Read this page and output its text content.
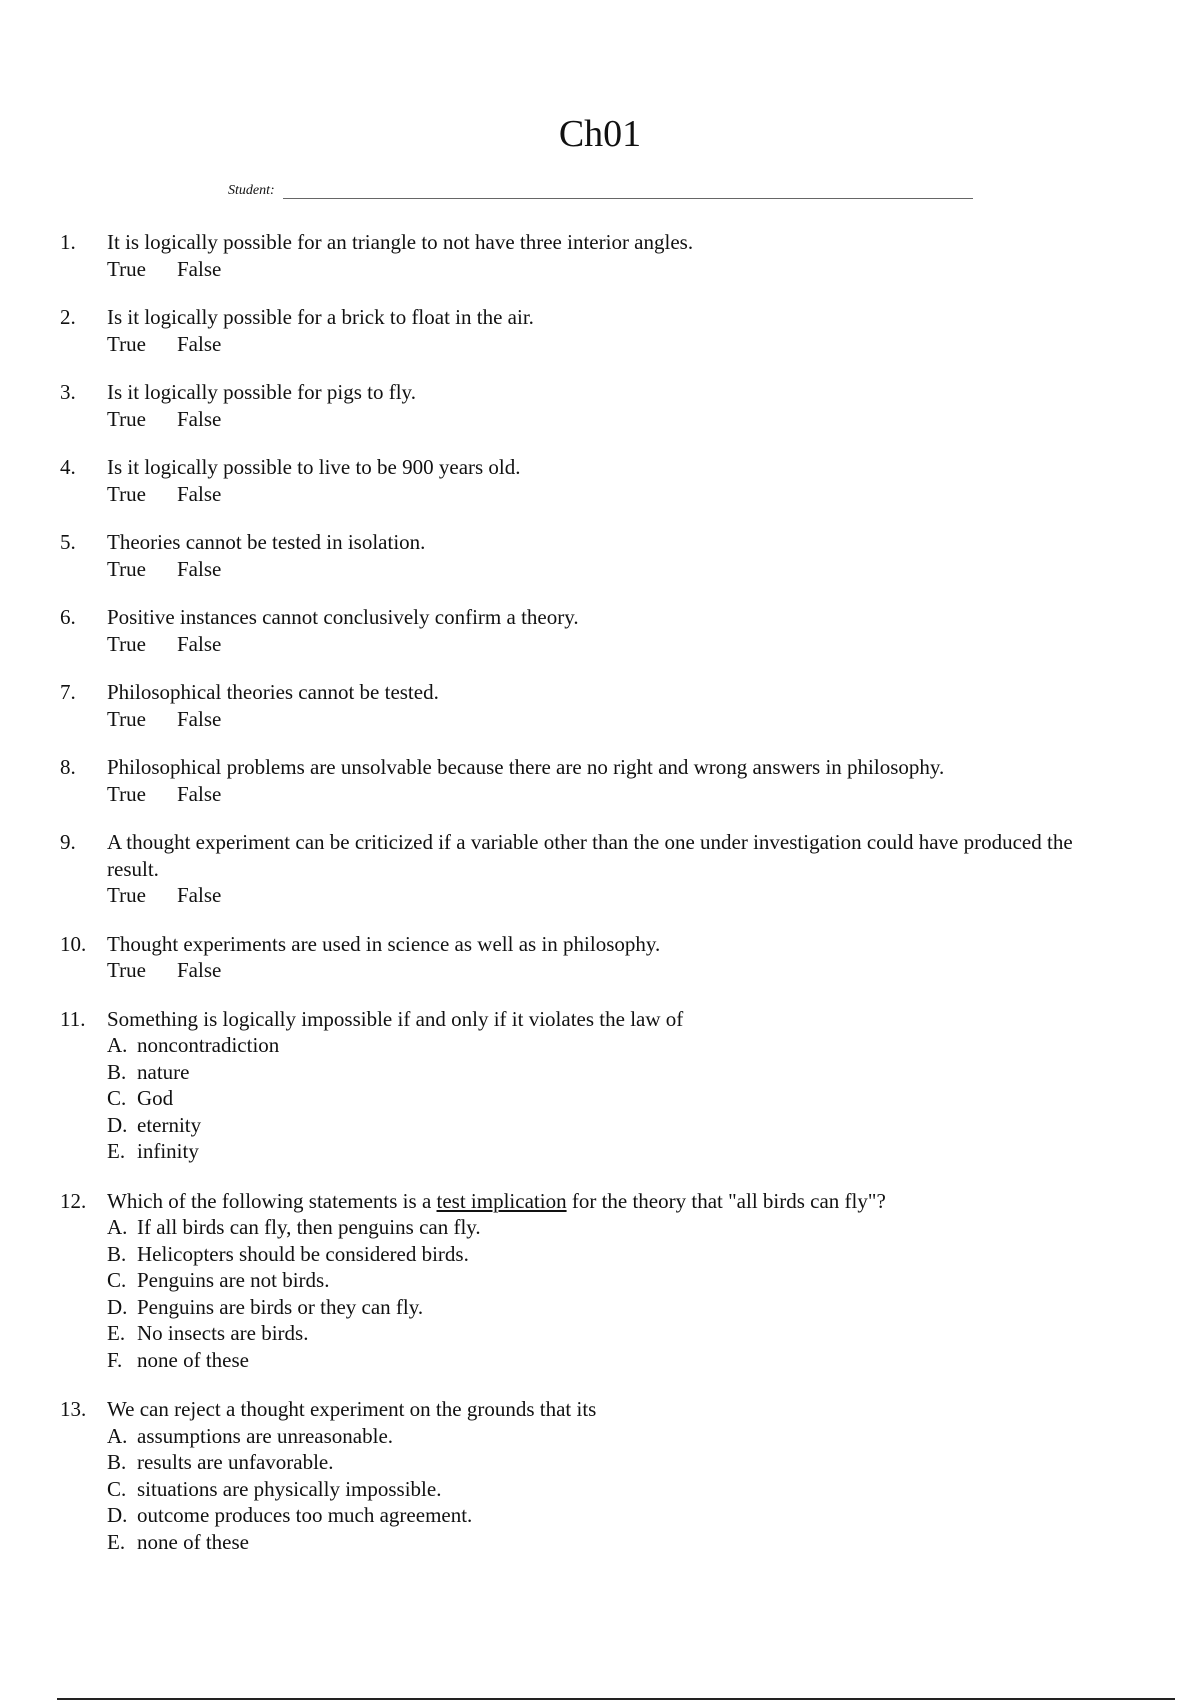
Ch01
Student:
1.	It is logically possible for an triangle to not have three interior angles.
True False
2.	Is it logically possible for a brick to float in the air.
True False
3.	Is it logically possible for pigs to fly.
True False
4.	Is it logically possible to live to be 900 years old.
True False
5.	Theories cannot be tested in isolation.
True False
6.	Positive instances cannot conclusively confirm a theory.
True False
7.	Philosophical theories cannot be tested.
True False
8.	Philosophical problems are unsolvable because there are no right and wrong answers in philosophy.
True False
9.	A thought experiment can be criticized if a variable other than the one under investigation could have produced the result.
True False
10. Thought experiments are used in science as well as in philosophy.
True False
11.	Something is logically impossible if and only if it violates the law of
A. noncontradiction
B. nature
C. God
D. eternity
E. infinity
12. Which of the following statements is a test implication for the theory that "all birds can fly"?
A. If all birds can fly, then penguins can fly.
B. Helicopters should be considered birds.
C. Penguins are not birds.
D. Penguins are birds or they can fly.
E. No insects are birds.
F. none of these
13. We can reject a thought experiment on the grounds that its
A. assumptions are unreasonable.
B. results are unfavorable.
C. situations are physically impossible.
D. outcome produces too much agreement.
E. none of these
